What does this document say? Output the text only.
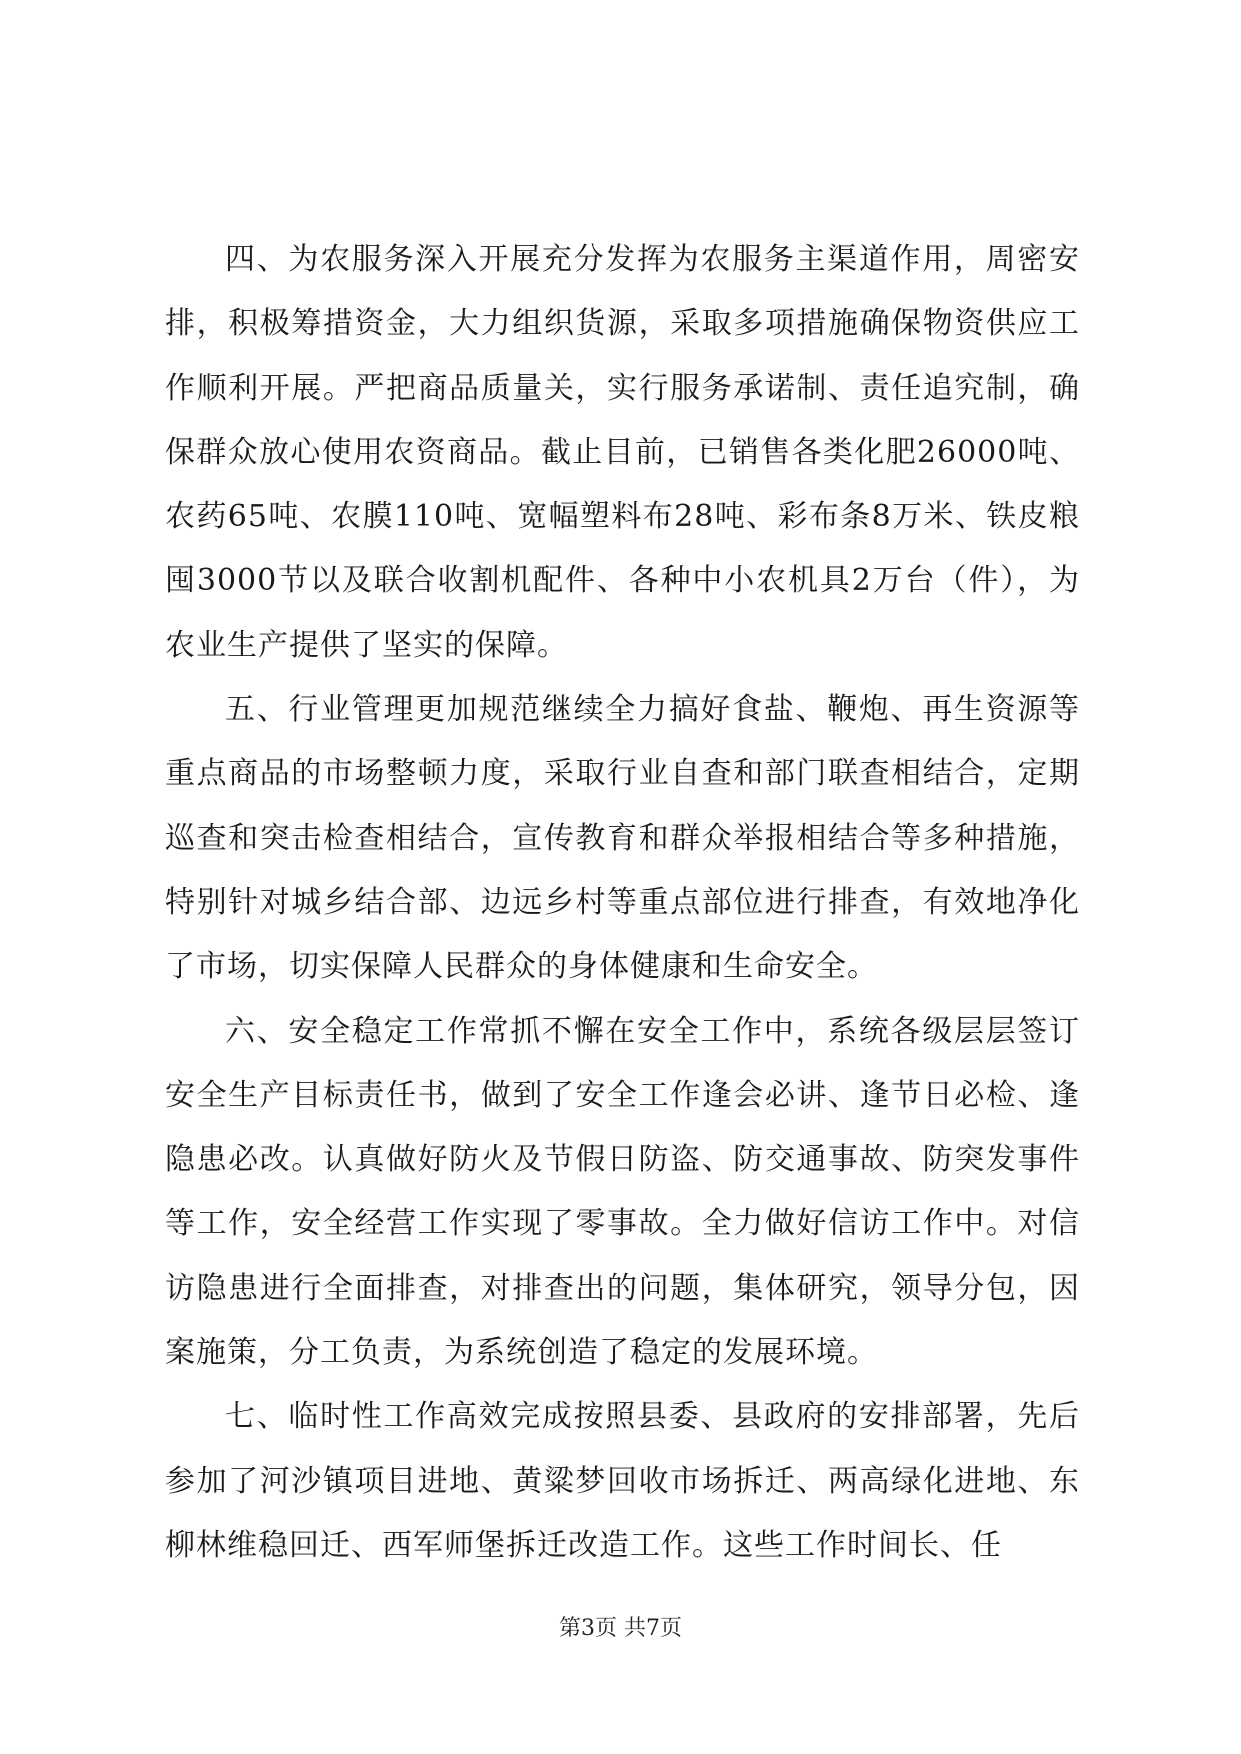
四、为农服务深入开展充分发挥为农服务主渠道作用，周密安排，积极筹措资金，大力组织货源，采取多项措施确保物资供应工作顺利开展。严把商品质量关，实行服务承诺制、责任追究制，确保群众放心使用农资商品。截止目前，已销售各类化肥26000吨、农药65吨、农膜110吨、宽幅塑料布28吨、彩布条8万米、铁皮粮囤3000节以及联合收割机配件、各种中小农机具2万台（件），为农业生产提供了坚实的保障。

五、行业管理更加规范继续全力搞好食盐、鞭炮、再生资源等重点商品的市场整顿力度，采取行业自查和部门联查相结合，定期巡查和突击检查相结合，宣传教育和群众举报相结合等多种措施，特别针对城乡结合部、边远乡村等重点部位进行排查，有效地净化了市场，切实保障人民群众的身体健康和生命安全。

六、安全稳定工作常抓不懈在安全工作中，系统各级层层签订安全生产目标责任书，做到了安全工作逢会必讲、逢节日必检、逢隐患必改。认真做好防火及节假日防盗、防交通事故、防突发事件等工作，安全经营工作实现了零事故。全力做好信访工作中。对信访隐患进行全面排查，对排查出的问题，集体研究，领导分包，因案施策，分工负责，为系统创造了稳定的发展环境。

七、临时性工作高效完成按照县委、县政府的安排部署，先后参加了河沙镇项目进地、黄粱梦回收市场拆迁、两高绿化进地、东柳林维稳回迁、西军师堡拆迁改造工作。这些工作时间长、任

第3页 共7页
